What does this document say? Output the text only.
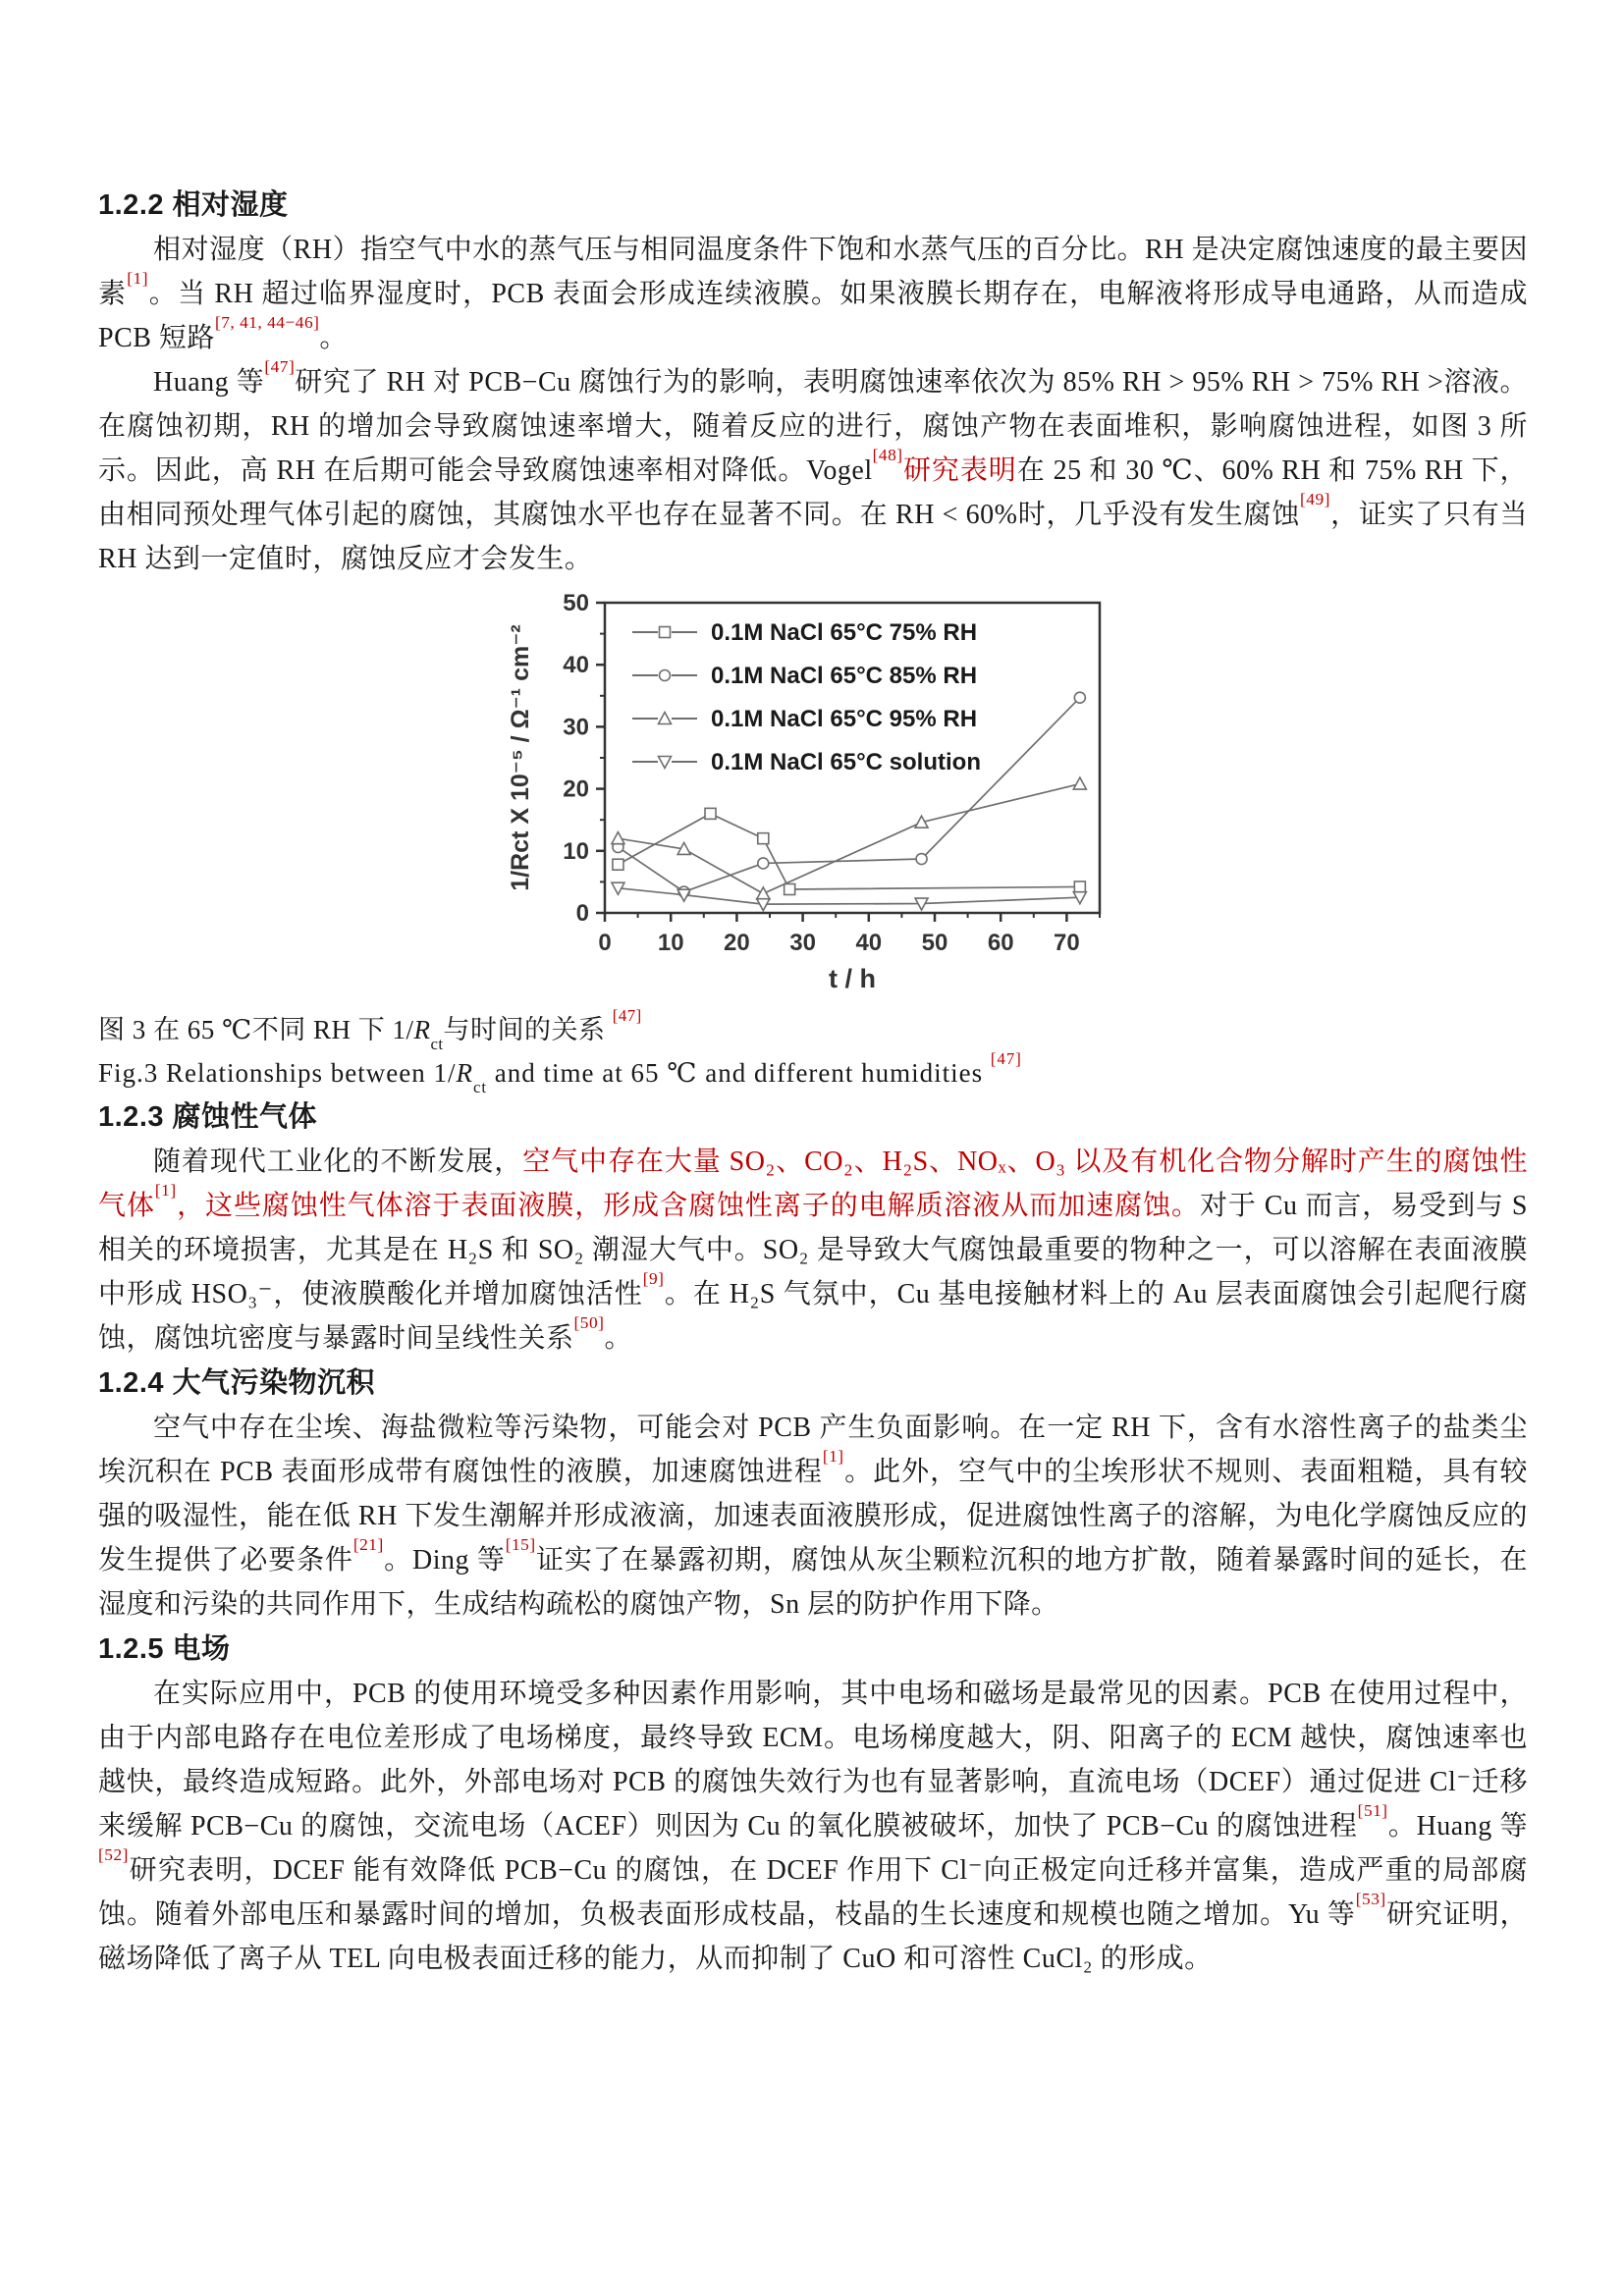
1.2.2 相对湿度

相对湿度（RH）指空气中水的蒸气压与相同温度条件下饱和水蒸气压的百分比。RH 是决定腐蚀速度的最主要因素[1]。当 RH 超过临界湿度时，PCB 表面会形成连续液膜。如果液膜长期存在，电解液将形成导电通路，从而造成 PCB 短路[7, 41, 44−46]。

Huang 等[47]研究了 RH 对 PCB−Cu 腐蚀行为的影响，表明腐蚀速率依次为 85% RH > 95% RH > 75% RH >溶液。在腐蚀初期，RH 的增加会导致腐蚀速率增大，随着反应的进行，腐蚀产物在表面堆积，影响腐蚀进程，如图 3 所示。因此，高 RH 在后期可能会导致腐蚀速率相对降低。Vogel[48]研究表明在 25 和 30 ℃、60% RH 和 75% RH 下，由相同预处理气体引起的腐蚀，其腐蚀水平也存在显著不同。在 RH < 60%时，几乎没有发生腐蚀[49]，证实了只有当 RH 达到一定值时，腐蚀反应才会发生。

0 10 20 30 40 50 60 70
0
10
20
30
40
50
t / h
1/Rct X 10⁻⁵ / Ω⁻¹ cm⁻²	0.1M NaCl 65°C 75% RH
0.1M NaCl 65°C 85% RH
0.1M NaCl 65°C 95% RH
0.1M NaCl 65°C solution

图 3 在 65 ℃不同 RH 下 $1/R_{ct}$与时间的关系 [47]

Fig.3 Relationships between $1/R_{ct}$ and time at 65 ℃ and different humidities [47]

1.2.3 腐蚀性气体

随着现代工业化的不断发展，空气中存在大量 SO₂、CO₂、H₂S、NOₓ、O₃ 以及有机化合物分解时产生的腐蚀性气体[1]，这些腐蚀性气体溶于表面液膜，形成含腐蚀性离子的电解质溶液从而加速腐蚀。对于 Cu 而言，易受到与 S 相关的环境损害，尤其是在 H₂S 和 SO₂ 潮湿大气中。SO₂ 是导致大气腐蚀最重要的物种之一，可以溶解在表面液膜中形成 HSO₃⁻，使液膜酸化并增加腐蚀活性[9]。在 H₂S 气氛中，Cu 基电接触材料上的 Au 层表面腐蚀会引起爬行腐蚀，腐蚀坑密度与暴露时间呈线性关系[50]。

1.2.4 大气污染物沉积

空气中存在尘埃、海盐微粒等污染物，可能会对 PCB 产生负面影响。在一定 RH 下，含有水溶性离子的盐类尘埃沉积在 PCB 表面形成带有腐蚀性的液膜，加速腐蚀进程[1]。此外，空气中的尘埃形状不规则、表面粗糙，具有较强的吸湿性，能在低 RH 下发生潮解并形成液滴，加速表面液膜形成，促进腐蚀性离子的溶解，为电化学腐蚀反应的发生提供了必要条件[21]。Ding 等[15]证实了在暴露初期，腐蚀从灰尘颗粒沉积的地方扩散，随着暴露时间的延长，在湿度和污染的共同作用下，生成结构疏松的腐蚀产物，Sn 层的防护作用下降。

1.2.5 电场

在实际应用中，PCB 的使用环境受多种因素作用影响，其中电场和磁场是最常见的因素。PCB 在使用过程中，由于内部电路存在电位差形成了电场梯度，最终导致 ECM。电场梯度越大，阴、阳离子的 ECM 越快，腐蚀速率也越快，最终造成短路。此外，外部电场对 PCB 的腐蚀失效行为也有显著影响，直流电场（DCEF）通过促进 Cl⁻迁移来缓解 PCB−Cu 的腐蚀，交流电场（ACEF）则因为 Cu 的氧化膜被破坏，加快了 PCB−Cu 的腐蚀进程[51]。Huang 等[52]研究表明，DCEF 能有效降低 PCB−Cu 的腐蚀，在 DCEF 作用下 Cl⁻向正极定向迁移并富集，造成严重的局部腐蚀。随着外部电压和暴露时间的增加，负极表面形成枝晶，枝晶的生长速度和规模也随之增加。Yu 等[53]研究证明，磁场降低了离子从 TEL 向电极表面迁移的能力，从而抑制了 CuO 和可溶性 CuCl₂ 的形成。
